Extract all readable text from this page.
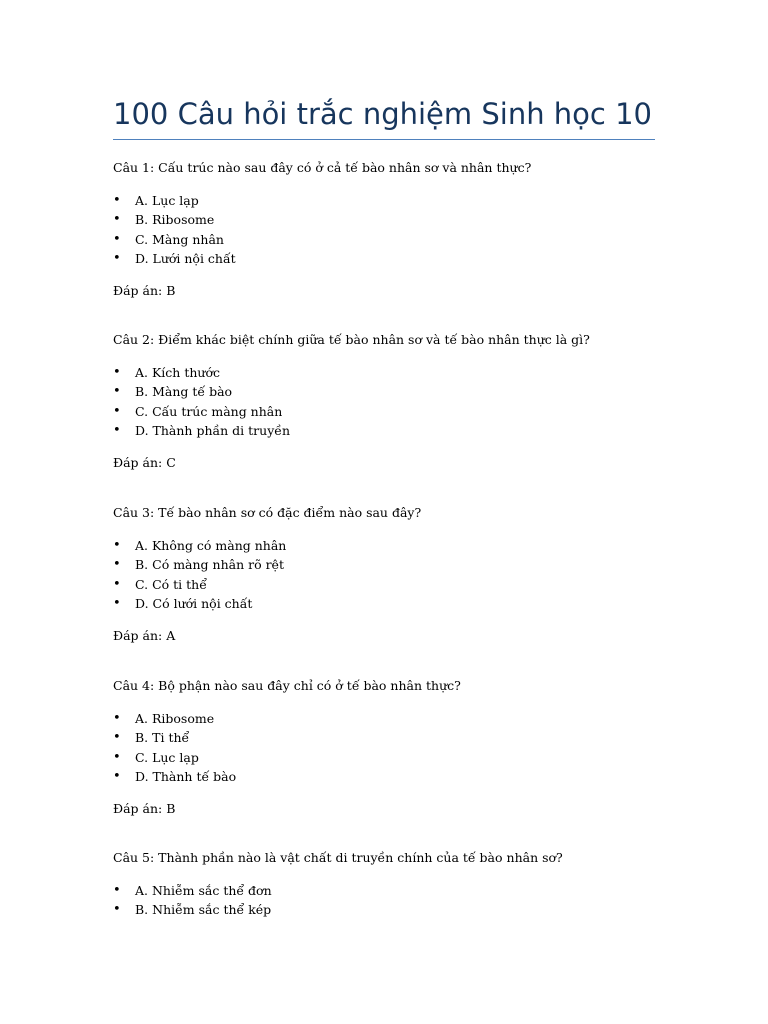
100 Câu hỏi trắc nghiệm Sinh học 10
Câu 1: Cấu trúc nào sau đây có ở cả tế bào nhân sơ và nhân thực?
• A. Lục lạp
• B. Ribosome
• C. Màng nhân
• D. Lưới nội chất
Đáp án: B
Câu 2: Điểm khác biệt chính giữa tế bào nhân sơ và tế bào nhân thực là gì?
• A. Kích thước
• B. Màng tế bào
• C. Cấu trúc màng nhân
• D. Thành phần di truyền
Đáp án: C
Câu 3: Tế bào nhân sơ có đặc điểm nào sau đây?
• A. Không có màng nhân
• B. Có màng nhân rõ rệt
• C. Có ti thể
• D. Có lưới nội chất
Đáp án: A
Câu 4: Bộ phận nào sau đây chỉ có ở tế bào nhân thực?
• A. Ribosome
• B. Ti thể
• C. Lục lạp
• D. Thành tế bào
Đáp án: B
Câu 5: Thành phần nào là vật chất di truyền chính của tế bào nhân sơ?
• A. Nhiễm sắc thể đơn
• B. Nhiễm sắc thể kép
